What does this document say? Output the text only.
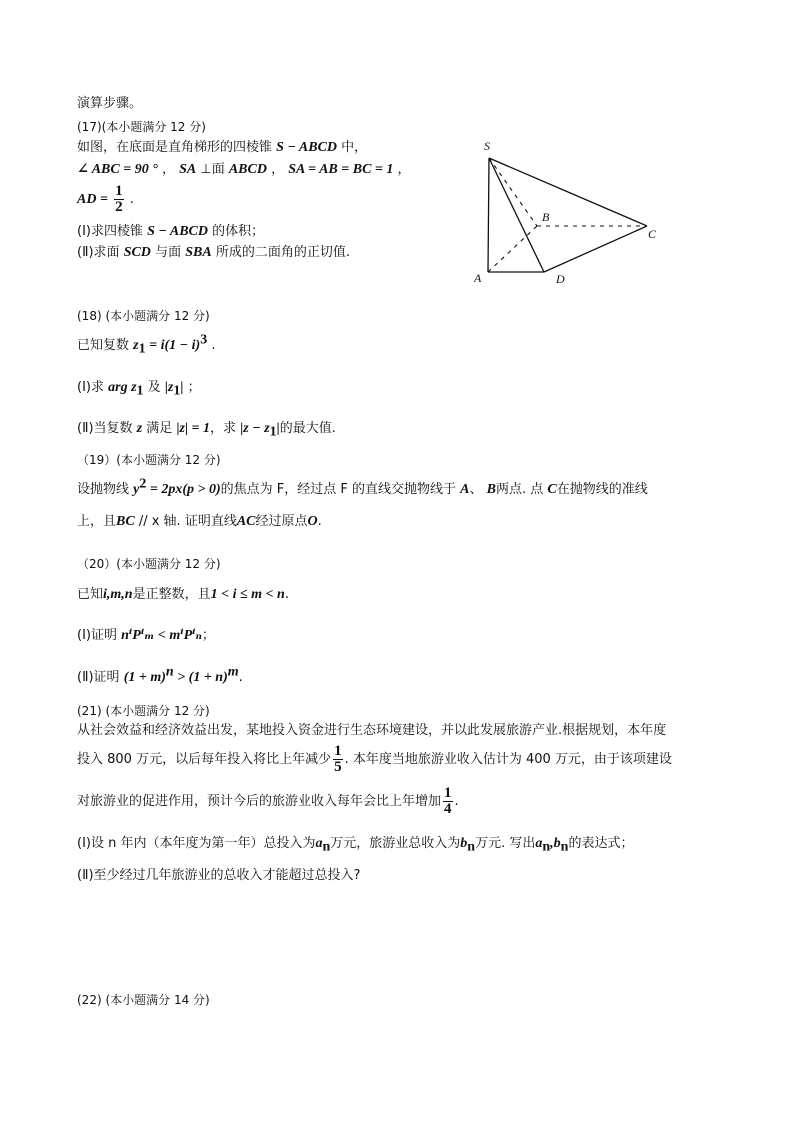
演算步骤。
(17)(本小题满分 12 分)
如图，在底面是直角梯形的四棱锥 S − ABCD 中，
∠ ABC = 90 ° ， SA ⊥面 ABCD ， SA = AB = BC = 1 ，
AD = $\frac{1}{2}$ .
(Ⅰ)求四棱锥 S − ABCD 的体积；
(Ⅱ)求面 SCD 与面 SBA 所成的二面角的正切值.
S
A
B
C
D
(18) (本小题满分 12 分)
已知复数 $z_1 = i(1 - i)^3$ .
(Ⅰ)求 arg $z_1$ 及 $|z_1|$ ；
(Ⅱ)当复数 z 满足 |z| = 1，求 $|z - z_1|$的最大值.
（19）(本小题满分 12 分)
设抛物线 $y^2 = 2px(p > 0)$的焦点为 F，经过点 F 的直线交抛物线于 A、 B两点. 点 C在抛物线的准线
上，且BC // x 轴. 证明直线AC经过原点O.
（20）(本小题满分 12 分)
已知i,m,n是正整数，且1 < i ≤ m < n.
(Ⅰ)证明 nⁱPⁱₘ < mⁱPⁱₙ；
(Ⅱ)证明 $(1 + m)^n > (1 + n)^m$.
(21) (本小题满分 12 分)
从社会效益和经济效益出发，某地投入资金进行生态环境建设，并以此发展旅游产业.根据规划，本年度
投入 800 万元，以后每年投入将比上年减少 $\frac{1}{5}$ . 本年度当地旅游业收入估计为 400 万元，由于该项建设
对旅游业的促进作用，预计今后的旅游业收入每年会比上年增加 $\frac{1}{4}$ .
(Ⅰ)设 n 年内（本年度为第一年）总投入为$a_n$万元，旅游业总收入为$b_n$万元. 写出$a_n,b_n$的表达式；
(Ⅱ)至少经过几年旅游业的总收入才能超过总投入?
(22) (本小题满分 14 分)
